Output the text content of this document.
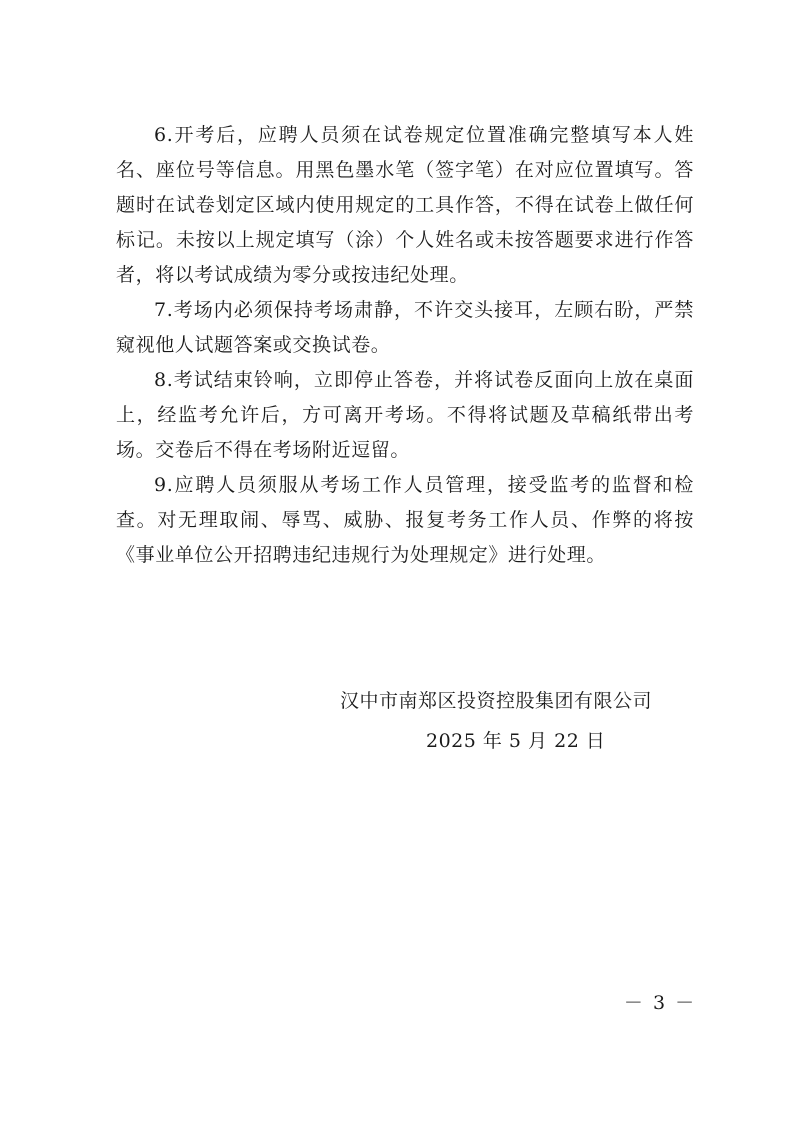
6.开考后，应聘人员须在试卷规定位置准确完整填写本人姓名、座位号等信息。用黑色墨水笔（签字笔）在对应位置填写。答题时在试卷划定区域内使用规定的工具作答，不得在试卷上做任何标记。未按以上规定填写（涂）个人姓名或未按答题要求进行作答者，将以考试成绩为零分或按违纪处理。

7.考场内必须保持考场肃静，不许交头接耳，左顾右盼，严禁窥视他人试题答案或交换试卷。

8.考试结束铃响，立即停止答卷，并将试卷反面向上放在桌面上，经监考允许后，方可离开考场。不得将试题及草稿纸带出考场。交卷后不得在考场附近逗留。

9.应聘人员须服从考场工作人员管理，接受监考的监督和检查。对无理取闹、辱骂、威胁、报复考务工作人员、作弊的将按《事业单位公开招聘违纪违规行为处理规定》进行处理。

汉中市南郑区投资控股集团有限公司
2025 年 5 月 22 日
－ 3 －
